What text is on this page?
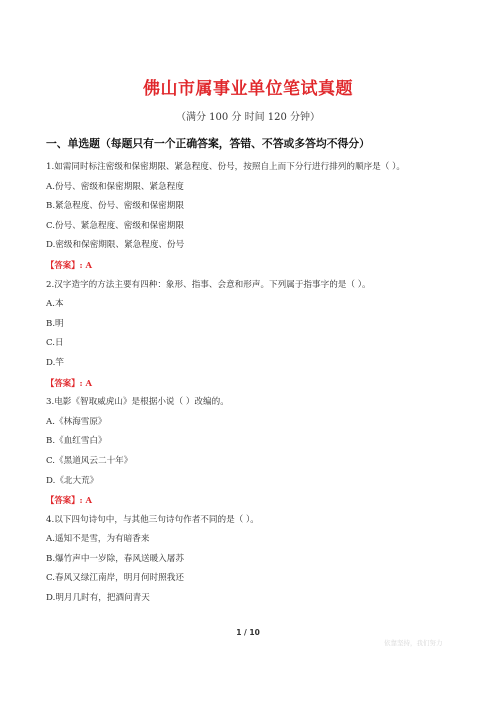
佛山市属事业单位笔试真题
（满分 100 分 时间 120 分钟）
一、单选题（每题只有一个正确答案，答错、不答或多答均不得分）
1.如需同时标注密级和保密期限、紧急程度、份号，按照自上而下分行进行排列的顺序是（ ）。
A.份号、密级和保密期限、紧急程度
B.紧急程度、份号、密级和保密期限
C.份号、紧急程度、密级和保密期限
D.密级和保密期限、紧急程度、份号
【答案】: A
2.汉字造字的方法主要有四种：象形、指事、会意和形声。下列属于指事字的是（ ）。
A.本
B.明
C.日
D.竿
【答案】: A
3.电影《智取威虎山》是根据小说（ ）改编的。
A.《林海雪原》
B.《血红雪白》
C.《黑道风云二十年》
D.《北大荒》
【答案】: A
4.以下四句诗句中，与其他三句诗句作者不同的是（ ）。
A.遥知不是雪，为有暗香来
B.爆竹声中一岁除，春风送暖入屠苏
C.春风又绿江南岸，明月何时照我还
D.明月几时有，把酒问青天
1 / 10
依靠坚持，我们努力
